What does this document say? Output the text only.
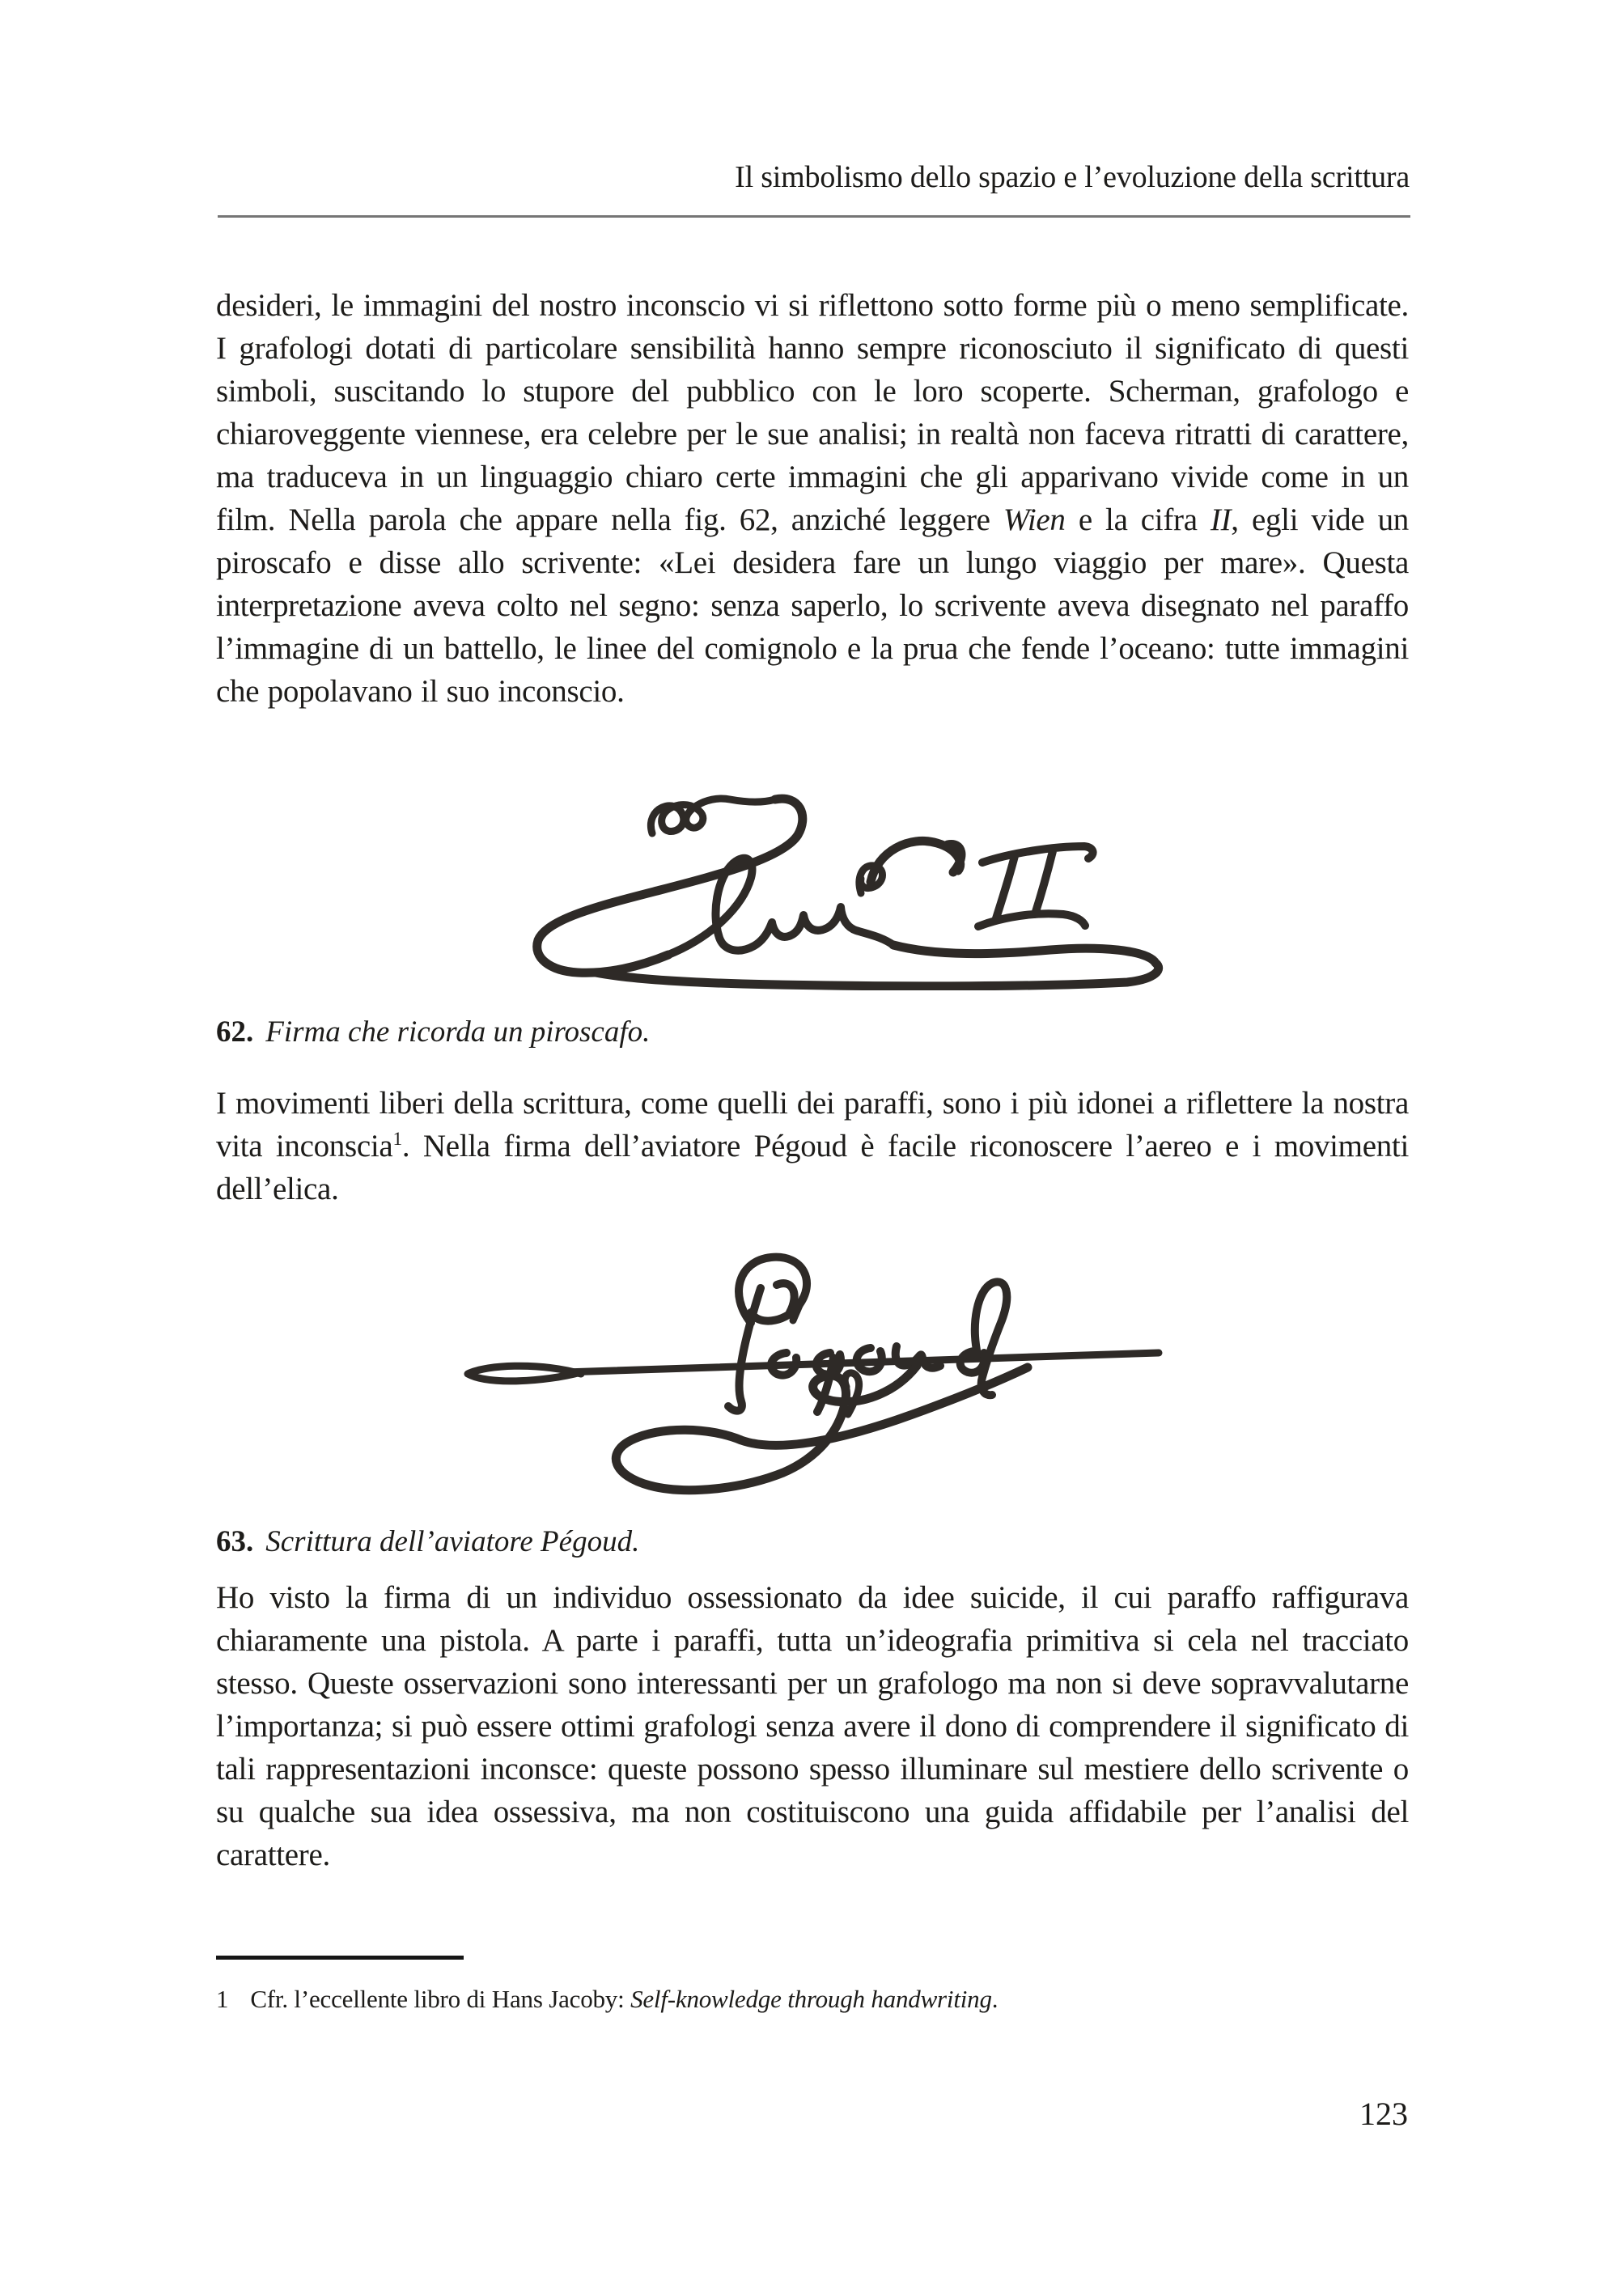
Il simbolismo dello spazio e l’evoluzione della scrittura
desideri, le immagini del nostro inconscio vi si riflettono sotto forme più o meno semplificate. I grafologi dotati di particolare sensibilità hanno sempre riconosciuto il significato di questi simboli, suscitando lo stupore del pubblico con le loro scoperte. Scherman, grafologo e chiaroveggente viennese, era celebre per le sue analisi; in realtà non faceva ritratti di carattere, ma traduceva in un linguaggio chiaro certe immagini che gli apparivano vivide come in un film. Nella parola che appare nella fig. 62, anziché leggere Wien e la cifra II, egli vide un piroscafo e disse allo scrivente: «Lei desidera fare un lungo viaggio per mare». Questa interpretazione aveva colto nel segno: senza saperlo, lo scrivente aveva disegnato nel paraffo l’immagine di un battello, le linee del comignolo e la prua che fende l’oceano: tutte immagini che popolavano il suo inconscio.
62. Firma che ricorda un piroscafo.
I movimenti liberi della scrittura, come quelli dei paraffi, sono i più idonei a riflettere la nostra vita inconscia$^1$. Nella firma dell’aviatore Pégoud è facile riconoscere l’aereo e i movimenti dell’elica.
63. Scrittura dell’aviatore Pégoud.
Ho visto la firma di un individuo ossessionato da idee suicide, il cui paraffo raffigurava chiaramente una pistola. A parte i paraffi, tutta un’ideografia primitiva si cela nel tracciato stesso. Queste osservazioni sono interessanti per un grafologo ma non si deve sopravvalutarne l’importanza; si può essere ottimi grafologi senza avere il dono di comprendere il significato di tali rappresentazioni inconsce: queste possono spesso illuminare sul mestiere dello scrivente o su qualche sua idea ossessiva, ma non costituiscono una guida affidabile per l’analisi del carattere.
1 Cfr. l’eccellente libro di Hans Jacoby: Self-knowledge through handwriting.
123
